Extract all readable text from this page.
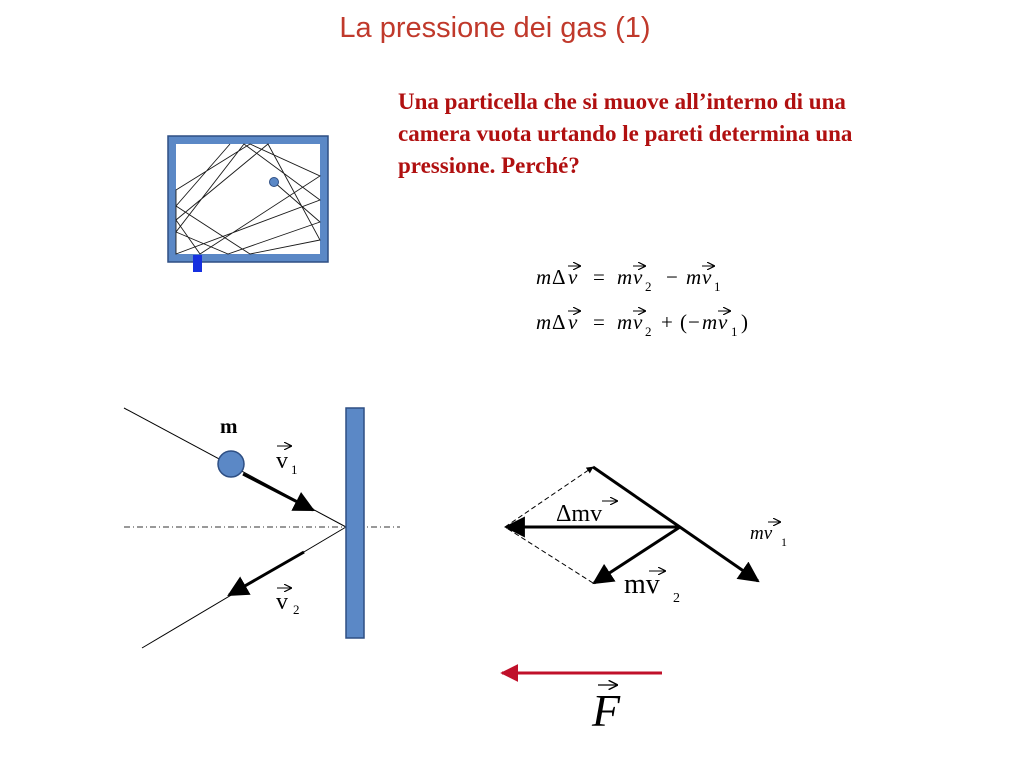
La pressione dei gas (1)
Una particella che si muove all’interno di una
camera vuota urtando le pareti determina una
pressione. Perché?
m Δ v = m v 2 − m v 1
m Δ v = m v 2 + ( − m v 1 )
m
v 1
v 2
Δmv
mv 2
mv 1
F
